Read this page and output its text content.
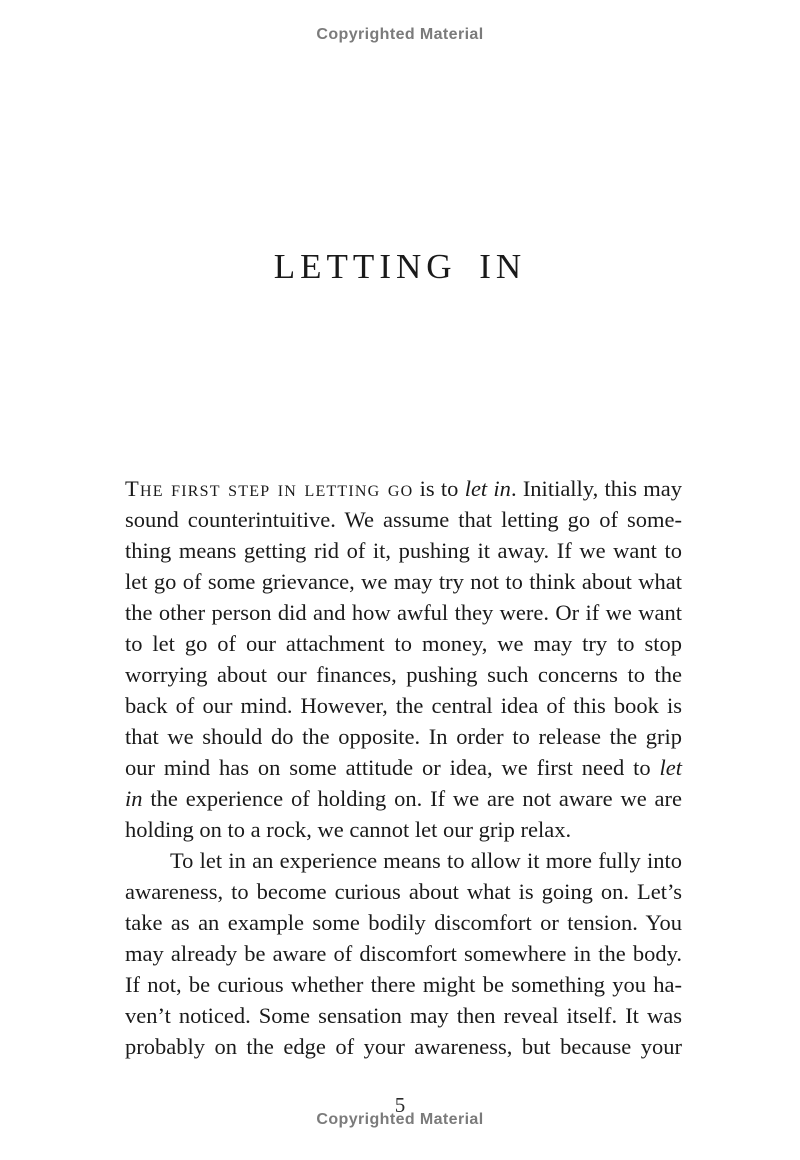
Copyrighted Material
LETTING IN
The first step in letting go is to let in. Initially, this may
sound counterintuitive. We assume that letting go of some-
thing means getting rid of it, pushing it away. If we want to
let go of some grievance, we may try not to think about what
the other person did and how awful they were. Or if we want
to let go of our attachment to money, we may try to stop
worrying about our finances, pushing such concerns to the
back of our mind. However, the central idea of this book is
that we should do the opposite. In order to release the grip
our mind has on some attitude or idea, we first need to let
in the experience of holding on. If we are not aware we are
holding on to a rock, we cannot let our grip relax.
To let in an experience means to allow it more fully into
awareness, to become curious about what is going on. Let’s
take as an example some bodily discomfort or tension. You
may already be aware of discomfort somewhere in the body.
If not, be curious whether there might be something you ha-
ven’t noticed. Some sensation may then reveal itself. It was
probably on the edge of your awareness, but because your
5
Copyrighted Material
